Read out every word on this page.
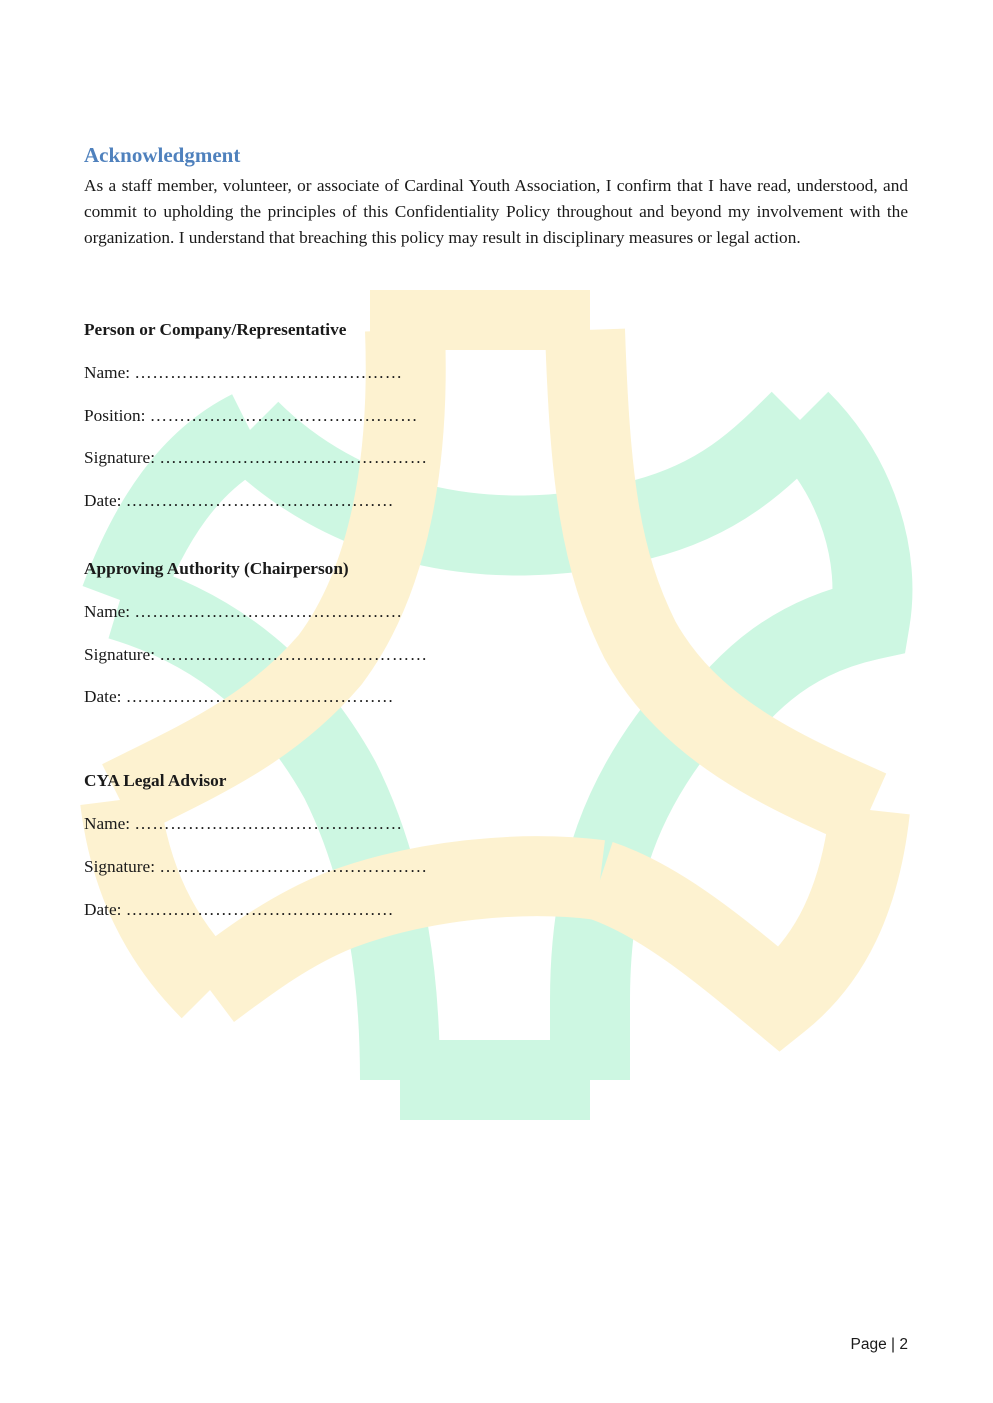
Acknowledgment

As a staff member, volunteer, or associate of Cardinal Youth Association, I confirm that I have read, understood, and commit to upholding the principles of this Confidentiality Policy throughout and beyond my involvement with the organization. I understand that breaching this policy may result in disciplinary measures or legal action.

Person or Company/Representative
Name: ………………………………………
Position: ………………………………………
Signature: ………………………………………
Date: ………………………………………
Approving Authority (Chairperson)
Name: ………………………………………
Signature: ………………………………………
Date: ………………………………………
CYA Legal Advisor
Name: ………………………………………
Signature: ………………………………………
Date: ………………………………………
Page | 2
